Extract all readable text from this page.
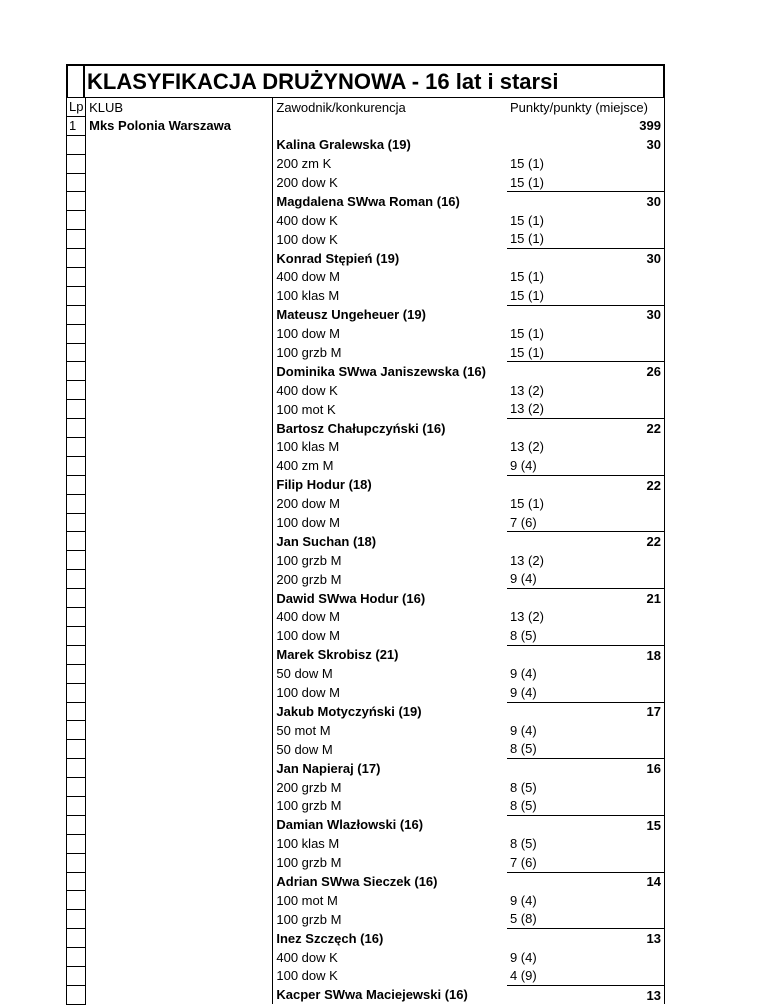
KLASYFIKACJA DRUŻYNOWA - 16 lat i starsi
Lp	KLUB	Zawodnik/konkurencja	Punkty/punkty (miejsce)
1	Mks Polonia Warszawa		399
		Kalina Gralewska (19)	30
		200 zm K	15 (1)
		200 dow K	15 (1)
		Magdalena SWwa Roman (16)	30
		400 dow K	15 (1)
		100 dow K	15 (1)
		Konrad Stępień (19)	30
		400 dow M	15 (1)
		100 klas M	15 (1)
		Mateusz Ungeheuer (19)	30
		100 dow M	15 (1)
		100 grzb M	15 (1)
		Dominika SWwa Janiszewska (16)	26
		400 dow K	13 (2)
		100 mot K	13 (2)
		Bartosz Chałupczyński (16)	22
		100 klas M	13 (2)
		400 zm M	9 (4)
		Filip Hodur (18)	22
		200 dow M	15 (1)
		100 dow M	7 (6)
		Jan Suchan (18)	22
		100 grzb M	13 (2)
		200 grzb M	9 (4)
		Dawid SWwa Hodur (16)	21
		400 dow M	13 (2)
		100 dow M	8 (5)
		Marek Skrobisz (21)	18
		50 dow M	9 (4)
		100 dow M	9 (4)
		Jakub Motyczyński (19)	17
		50 mot M	9 (4)
		50 dow M	8 (5)
		Jan Napieraj (17)	16
		200 grzb M	8 (5)
		100 grzb M	8 (5)
		Damian Wlazłowski (16)	15
		100 klas M	8 (5)
		100 grzb M	7 (6)
		Adrian SWwa Sieczek (16)	14
		100 mot M	9 (4)
		100 grzb M	5 (8)
		Inez Szczęch (16)	13
		400 dow K	9 (4)
		100 dow K	4 (9)
		Kacper SWwa Maciejewski (16)	13
